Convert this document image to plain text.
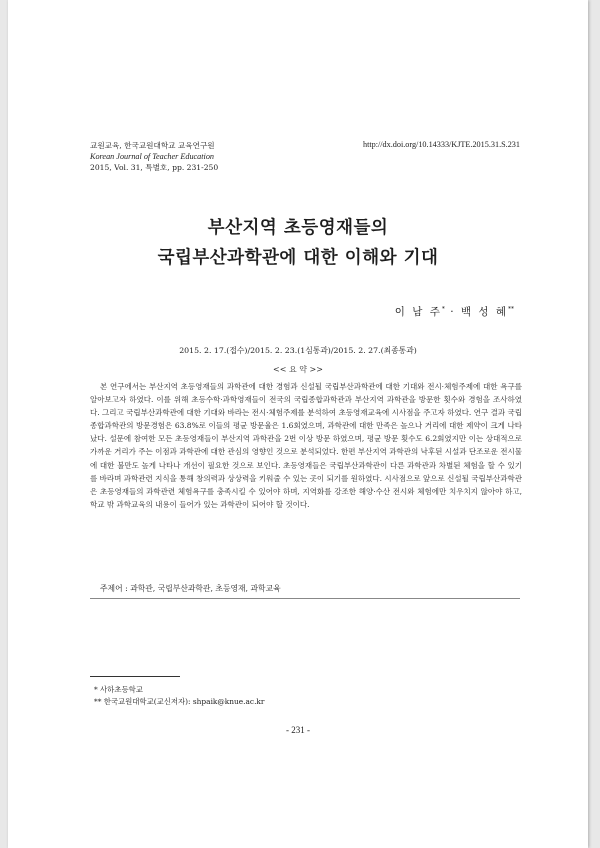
교원교육, 한국교원대학교 교육연구원
Korean Journal of Teacher Education
2015, Vol. 31, 특별호, pp. 231-250
http://dx.doi.org/10.14333/KJTE.2015.31.S.231
부산지역 초등영재들의
국립부산과학관에 대한 이해와 기대
이 남 주* · 백 성 혜**
2015. 2. 17.(접수)/2015. 2. 23.(1심통과)/2015. 2. 27.(최종통과)
<< 요 약 >>

본 연구에서는 부산지역 초등영재들의 과학관에 대한 경험과 신설될 국립부산과학관에 대한 기대와 전시·체험주제에 대한 욕구를 알아보고자 하였다. 이를 위해 초등수학·과학영재들이 전국의 국립종합과학관과 부산지역 과학관을 방문한 횟수와 경험을 조사하였다. 그리고 국립부산과학관에 대한 기대와 바라는 전시·체험주제를 분석하여 초등영재교육에 시사점을 주고자 하였다. 연구 결과 국립종합과학관의 방문경험은 63.8%로 이들의 평균 방문율은 1.6회였으며, 과학관에 대한 만족은 높으나 거리에 대한 제약이 크게 나타났다. 설문에 참여한 모든 초등영재들이 부산지역 과학관을 2번 이상 방문 하였으며, 평균 방문 횟수도 6.2회였지만 이는 상대적으로 가까운 거리가 주는 이점과 과학관에 대한 관심의 영향인 것으로 분석되었다. 한편 부산지역 과학관의 낙후된 시설과 단조로운 전시물에 대한 불만도 높게 나타나 개선이 필요한 것으로 보인다. 초등영재들은 국립부산과학관이 다른 과학관과 차별된 체험을 할 수 있기를 바라며 과학관련 지식을 통해 창의력과 상상력을 키워줄 수 있는 곳이 되기를 원하였다. 시사점으로 앞으로 신설될 국립부산과학관은 초등영재들의 과학관련 체험욕구를 충족시킬 수 있어야 하며, 지역화를 강조한 해양·수산 전시와 체험에만 치우치지 않아야 하고, 학교 밖 과학교육의 내용이 들어가 있는 과학관이 되어야 할 것이다.

주제어 : 과학관, 국립부산과학관, 초등영재, 과학교육
* 사하초등학교
** 한국교원대학교(교신저자): shpaik@knue.ac.kr
- 231 -
